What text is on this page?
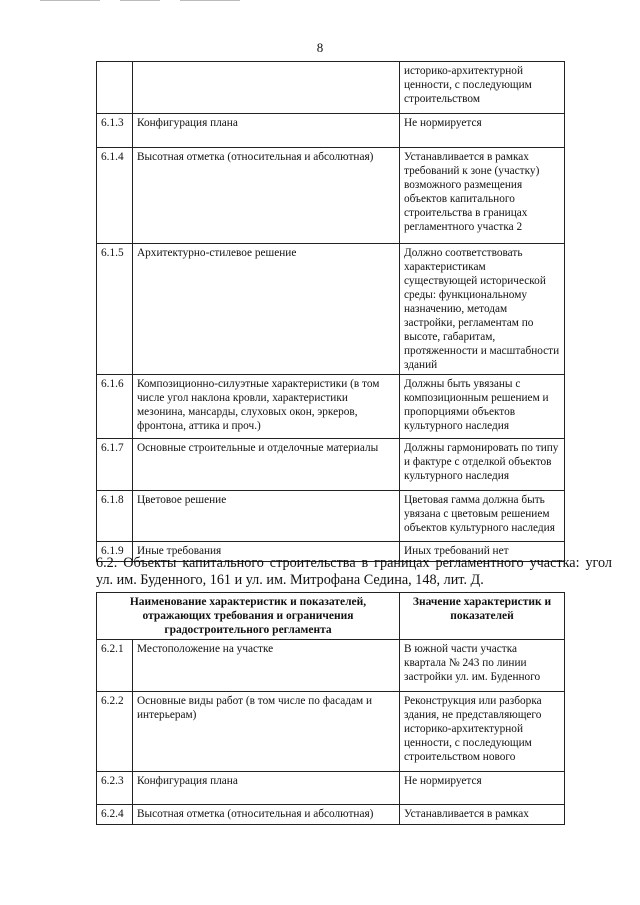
8
		историко-архитектурной ценности, с последующим строительством
6.1.3	Конфигурация плана	Не нормируется
6.1.4	Высотная отметка (относительная и абсолютная)	Устанавливается в рамках требований к зоне (участку) возможного размещения объектов капитального строительства в границах регламентного участка 2
6.1.5	Архитектурно-стилевое решение	Должно соответствовать характеристикам существующей исторической среды: функциональному назначению, методам застройки, регламентам по высоте, габаритам, протяженности и масштабности зданий
6.1.6	Композиционно-силуэтные характеристики (в том числе угол наклона кровли, характеристики мезонина, мансарды, слуховых окон, эркеров, фронтона, аттика и проч.)	Должны быть увязаны с композиционным решением и пропорциями объектов культурного наследия
6.1.7	Основные строительные и отделочные материалы	Должны гармонировать по типу и фактуре с отделкой объектов культурного наследия
6.1.8	Цветовое решение	Цветовая гамма должна быть увязана с цветовым решением объектов культурного наследия
6.1.9	Иные требования	Иных требований нет
6.2. Объекты капитального строительства в границах регламентного участка: угол ул. им. Буденного, 161 и ул. им. Митрофана Седина, 148, лит. Д.
Наименование характеристик и показателей, отражающих требования и ограничения градостроительного регламента		Значение характеристик и показателей
6.2.1	Местоположение на участке	В южной части участка квартала № 243 по линии застройки ул. им. Буденного
6.2.2	Основные виды работ (в том числе по фасадам и интерьерам)	Реконструкция или разборка здания, не представляющего историко-архитектурной ценности, с последующим строительством нового
6.2.3	Конфигурация плана	Не нормируется
6.2.4	Высотная отметка (относительная и абсолютная)	Устанавливается в рамках
